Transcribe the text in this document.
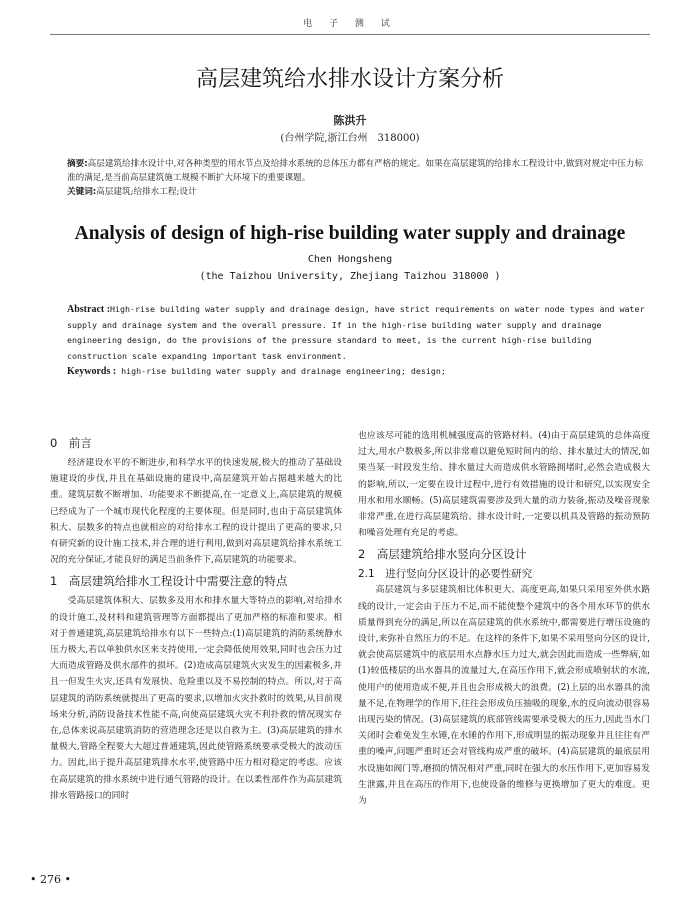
电 子 测 试
高层建筑给水排水设计方案分析
陈洪升
(台州学院,浙江台州　318000)
摘要:高层建筑给排水设计中,对各种类型的用水节点及给排水系统的总体压力都有严格的规定。如果在高层建筑的给排水工程设计中,做到对规定中压力标准的满足,是当前高层建筑施工规模不断扩大环境下的重要课题。
关键词:高层建筑;给排水工程;设计
Analysis of design of high-rise building water supply and drainage
Chen Hongsheng
(the Taizhou University, Zhejiang Taizhou 318000 )
Abstract :High-rise building water supply and drainage design, have strict requirements on water node types and water supply and drainage system and the overall pressure. If in the high-rise building water supply and drainage engineering design, do the provisions of the pressure standard to meet, is the current high-rise building construction scale expanding important task environment.
Keywords : high-rise building water supply and drainage engineering; design;
0　前言

经济建设水平的不断进步,和科学水平的快速发展,极大的推动了基础设施建设的步伐,并且在基础设施的建设中,高层建筑开始占据越来越大的比重。建筑层数不断增加、功能要求不断提高,在一定意义上,高层建筑的规模已经成为了一个城市现代化程度的主要体现。但是同时,也由于高层建筑体积大、层数多的特点也就相应的对给排水工程的设计提出了更高的要求,只有研究新的设计施工技术,并合理的进行利用,做到对高层建筑给排水系统工况的充分保证,才能良好的满足当前条件下,高层建筑的功能要求。

1　高层建筑给排水工程设计中需要注意的特点

受高层建筑体积大、层数多及用水和排水量大等特点的影响,对给排水的设计施工,及材料和建筑管理等方面都提出了更加严格的标准和要求。相对于普通建筑,高层建筑给排水有以下一些特点:(1)高层建筑的消防系统静水压力极大,若以单独供水区来支持使用,一定会降低使用效果,同时也会压力过大而造成管路及供水部件的损坏。(2)造成高层建筑火灾发生的因素极多,并且一但发生火灾,还具有发展快、危险重以及不易控制的特点。所以,对于高层建筑的消防系统就提出了更高的要求,以增加火灾扑救时的效果,从目前现场来分析,消防设备技术性能不高,向使高层建筑火灾不利扑救的情况现实存在,总体来说高层建筑消防的营造理念还是以自救为主。(3)高层建筑的排水量极大,管路全程要大大超过普通建筑,因此使管路系统要承受极大的波动压力。因此,出于提升高层建筑排水水平,使管路中压力相对稳定的考虑。应该在高层建筑的排水系统中进行通气管路的设计。在以柔性部件作为高层建筑排水管路接口的同时

也应该尽可能的选用机械强度高的管路材料。(4)由于高层建筑的总体高度过大,用水户数极多,所以非常难以避免短时间内的给、排水量过大的情况,如果当某一时段发生给、排水量过大而造成供水管路拥堵时,必然会造成极大的影响,所以,一定要在设计过程中,进行有效措施的设计和研究,以实现安全用水和用水顺畅。(5)高层建筑需要涉及到大量的动力装备,振动及噪音现象非常严重,在进行高层建筑给、排水设计时,一定要以机具及管路的振动预防和噪音处理有充足的考虑。

2　高层建筑给排水竖向分区设计
2.1　进行竖向分区设计的必要性研究

高层建筑与多层建筑相比体积更大、高度更高,如果只采用室外供水路线的设计,一定会由于压力不足,而不能使整个建筑中的各个用水环节的供水质量得到充分的满足,所以在高层建筑的供水系统中,都需要进行增压设施的设计,来弥补自然压力的不足。在这样的条件下,如果不采用竖向分区的设计,就会使高层建筑中的底层用水点静水压力过大,就会因此而造成一些弊病,如(1)较低楼层的出水器具的流量过大,在高压作用下,就会形成喷射状的水流,使用户的使用造成不便,并且也会形成极大的浪费。(2)上层的出水器具的流量不足,在物理学的作用下,往往会形成负压抽吸的现象,水的反向流动很容易出现污染的情况。(3)高层建筑的底部管线需要承受极大的压力,因此当水门关闭时会难免发生水锤,在水锤的作用下,形成明显的振动现象并且往往有严重的噪声,问题严重时还会对管线构成严重的破坏。(4)高层建筑的最底层用水设施如阀门等,磨损的情况相对严重,同时在强大的水压作用下,更加容易发生泄露,并且在高压的作用下,也使设备的维修与更换增加了更大的难度。更为

• 276 •
